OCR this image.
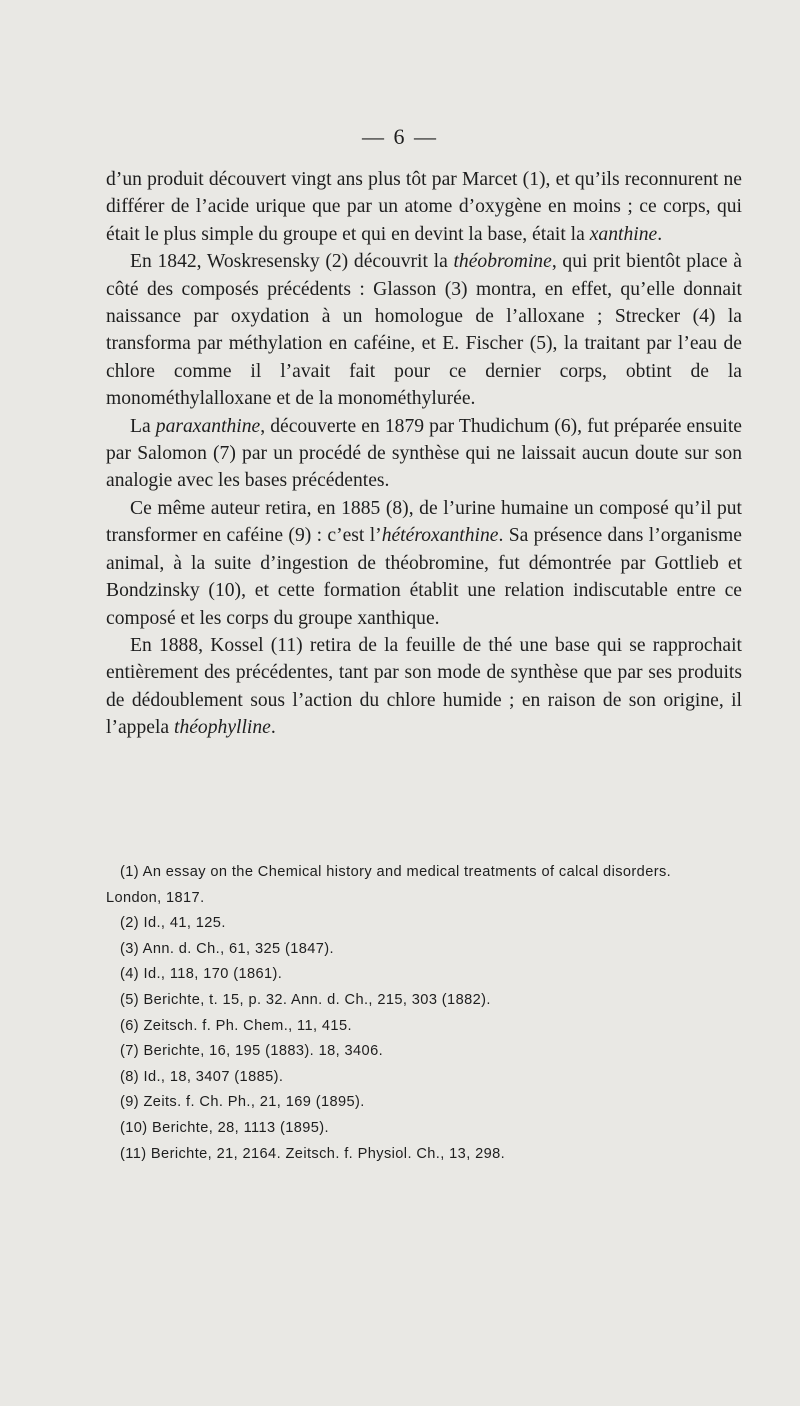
— 6 —

d’un produit découvert vingt ans plus tôt par Marcet (1), et qu’ils reconnurent ne différer de l’acide urique que par un atome d’oxygène en moins ; ce corps, qui était le plus simple du groupe et qui en devint la base, était la xanthine.

En 1842, Woskresensky (2) découvrit la théobromine, qui prit bientôt place à côté des composés précédents : Glasson (3) montra, en effet, qu’elle donnait naissance par oxydation à un homologue de l’alloxane ; Strecker (4) la transforma par méthylation en caféine, et E. Fischer (5), la traitant par l’eau de chlore comme il l’avait fait pour ce dernier corps, obtint de la monométhylalloxane et de la monométhylurée.

La paraxanthine, découverte en 1879 par Thudichum (6), fut préparée ensuite par Salomon (7) par un procédé de synthèse qui ne laissait aucun doute sur son analogie avec les bases précédentes.

Ce même auteur retira, en 1885 (8), de l’urine humaine un composé qu’il put transformer en caféine (9) : c’est l’hétéroxanthine. Sa présence dans l’organisme animal, à la suite d’ingestion de théobromine, fut démontrée par Gottlieb et Bondzinsky (10), et cette formation établit une relation indiscutable entre ce composé et les corps du groupe xanthique.

En 1888, Kossel (11) retira de la feuille de thé une base qui se rapprochait entièrement des précédentes, tant par son mode de synthèse que par ses produits de dédoublement sous l’action du chlore humide ; en raison de son origine, il l’appela théophylline.

(1) An essay on the Chemical history and medical treatments of calcal disorders.
London, 1817.
(2) Id., 41, 125.
(3) Ann. d. Ch., 61, 325 (1847).
(4) Id., 118, 170 (1861).
(5) Berichte, t. 15, p. 32. Ann. d. Ch., 215, 303 (1882).
(6) Zeitsch. f. Ph. Chem., 11, 415.
(7) Berichte, 16, 195 (1883). 18, 3406.
(8) Id., 18, 3407 (1885).
(9) Zeits. f. Ch. Ph., 21, 169 (1895).
(10) Berichte, 28, 1113 (1895).
(11) Berichte, 21, 2164. Zeitsch. f. Physiol. Ch., 13, 298.
